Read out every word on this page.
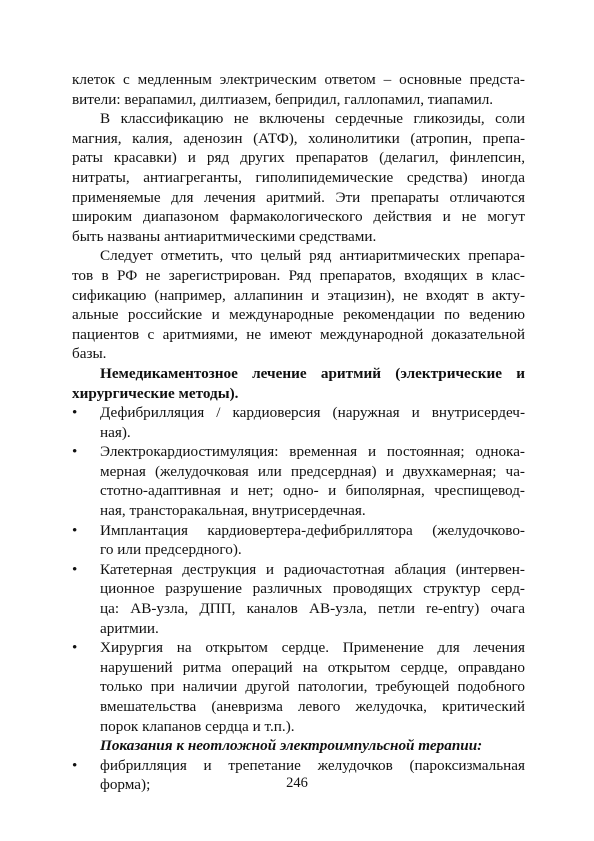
клеток с медленным электрическим ответом – основные предста-
вители: верапамил, дилтиазем, бепридил, галлопамил, тиапамил.
В классификацию не включены сердечные гликозиды, соли
магния, калия, аденозин (АТФ), холинолитики (атропин, препа-
раты красавки) и ряд других препаратов (делагил, финлепсин,
нитраты, антиагреганты, гиполипидемические средства) иногда
применяемые для лечения аритмий. Эти препараты отличаются
широким диапазоном фармакологического действия и не могут
быть названы антиаритмическими средствами.
Следует отметить, что целый ряд антиаритмических препара-
тов в РФ не зарегистрирован. Ряд препаратов, входящих в клас-
сификацию (например, аллапинин и этацизин), не входят в акту-
альные российские и международные рекомендации по ведению
пациентов с аритмиями, не имеют международной доказательной
базы.
Немедикаментозное лечение аритмий (электрические и
хирургические методы).
•	Дефибрилляция / кардиоверсия (наружная и внутрисердеч-
ная).
•	Электрокардиостимуляция: временная и постоянная; однока-
мерная (желудочковая или предсердная) и двухкамерная; ча-
стотно-адаптивная и нет; одно- и биполярная, чреспищевод-
ная, трансторакальная, внутрисердечная.
•	Имплантация кардиовертера-дефибриллятора (желудочково-
го или предсердного).
•	Катетерная деструкция и радиочастотная аблация (интервен-
ционное разрушение различных проводящих структур серд-
ца: АВ-узла, ДПП, каналов АВ-узла, петли re-entry) очага
аритмии.
•	Хирургия на открытом сердце. Применение для лечения
нарушений ритма операций на открытом сердце, оправдано
только при наличии другой патологии, требующей подобного
вмешательства (аневризма левого желудочка, критический
порок клапанов сердца и т.п.).
Показания к неотложной электроимпульсной терапии:
•	фибрилляция и трепетание желудочков (пароксизмальная
форма);	246
